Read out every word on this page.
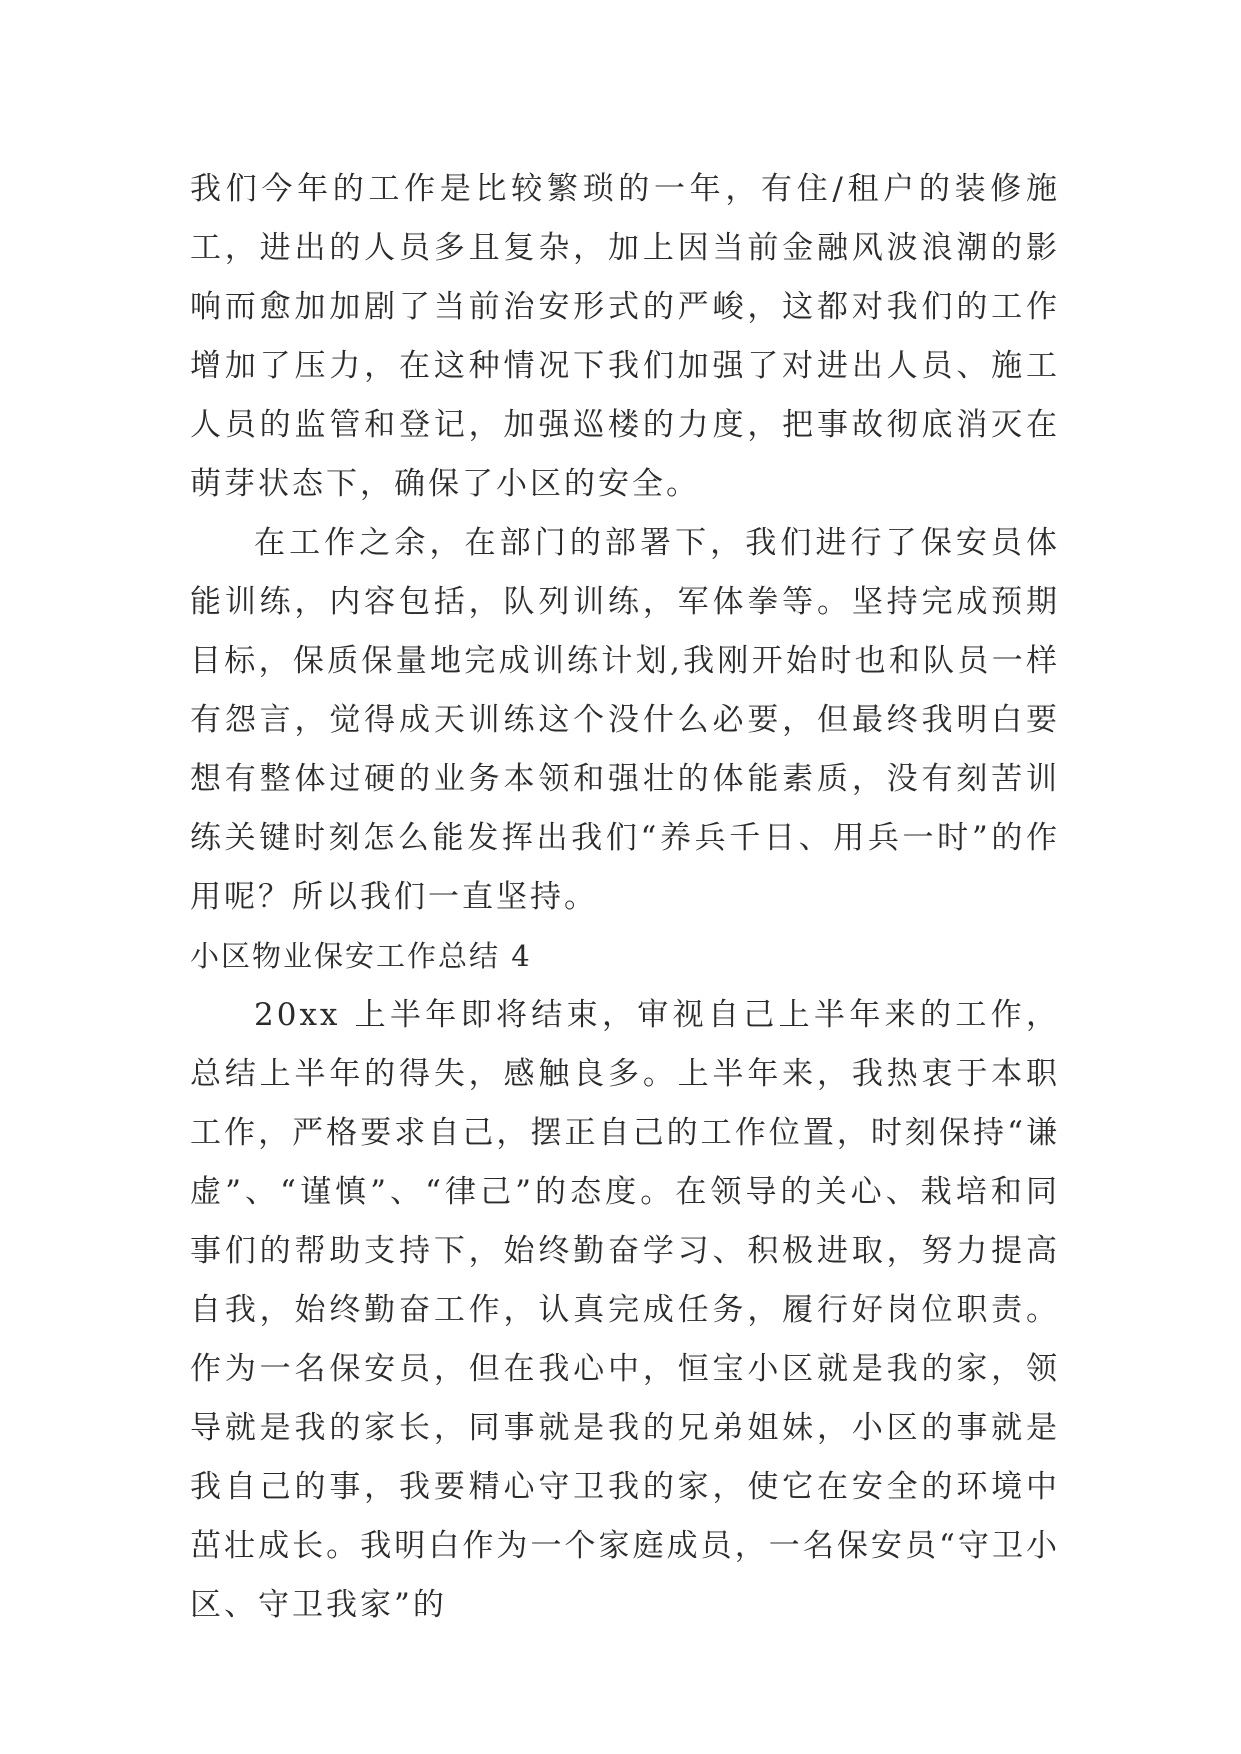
我们今年的工作是比较繁琐的一年，有住/租户的装修施工，进出的人员多且复杂，加上因当前金融风波浪潮的影响而愈加加剧了当前治安形式的严峻，这都对我们的工作增加了压力，在这种情况下我们加强了对进出人员、施工人员的监管和登记，加强巡楼的力度，把事故彻底消灭在萌芽状态下，确保了小区的安全。

在工作之余，在部门的部署下，我们进行了保安员体能训练，内容包括，队列训练，军体拳等。坚持完成预期目标，保质保量地完成训练计划,我刚开始时也和队员一样有怨言，觉得成天训练这个没什么必要，但最终我明白要想有整体过硬的业务本领和强壮的体能素质，没有刻苦训练关键时刻怎么能发挥出我们“养兵千日、用兵一时”的作用呢？所以我们一直坚持。

小区物业保安工作总结 4

20xx 上半年即将结束，审视自己上半年来的工作，总结上半年的得失，感触良多。上半年来，我热衷于本职工作，严格要求自己，摆正自己的工作位置，时刻保持“谦虚”、“谨慎”、“律己”的态度。在领导的关心、栽培和同事们的帮助支持下，始终勤奋学习、积极进取，努力提高自我，始终勤奋工作，认真完成任务，履行好岗位职责。作为一名保安员，但在我心中，恒宝小区就是我的家，领导就是我的家长，同事就是我的兄弟姐妹，小区的事就是我自己的事，我要精心守卫我的家，使它在安全的环境中茁壮成长。我明白作为一个家庭成员，一名保安员“守卫小区、守卫我家”的
